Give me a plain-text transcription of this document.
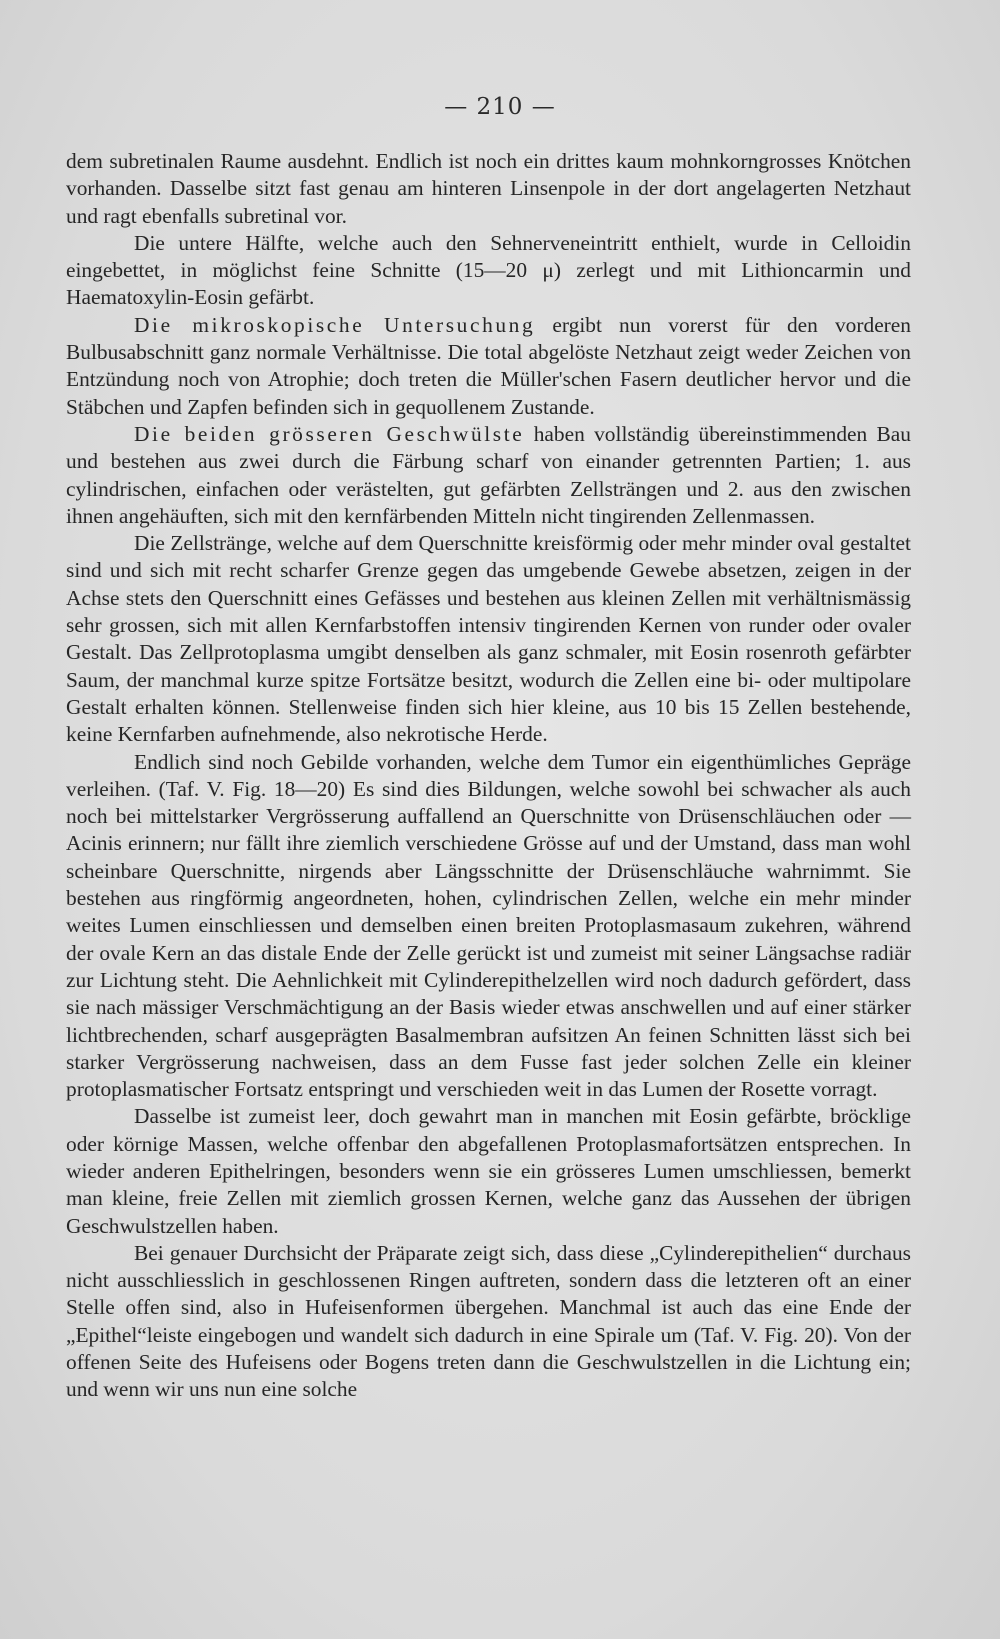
— 210 —

dem subretinalen Raume ausdehnt. Endlich ist noch ein drittes kaum mohnkorngrosses Knötchen vorhanden. Dasselbe sitzt fast genau am hinteren Linsenpole in der dort angelagerten Netzhaut und ragt ebenfalls subretinal vor.

Die untere Hälfte, welche auch den Sehnerveneintritt enthielt, wurde in Celloidin eingebettet, in möglichst feine Schnitte (15—20 μ) zerlegt und mit Lithioncarmin und Haematoxylin-Eosin gefärbt.

Die mikroskopische Untersuchung ergibt nun vorerst für den vorderen Bulbusabschnitt ganz normale Verhältnisse. Die total abgelöste Netzhaut zeigt weder Zeichen von Entzündung noch von Atrophie; doch treten die Müller'schen Fasern deutlicher hervor und die Stäbchen und Zapfen befinden sich in gequollenem Zustande.

Die beiden grösseren Geschwülste haben vollständig übereinstimmenden Bau und bestehen aus zwei durch die Färbung scharf von einander getrennten Partien; 1. aus cylindrischen, einfachen oder verästelten, gut gefärbten Zellsträngen und 2. aus den zwischen ihnen angehäuften, sich mit den kernfärbenden Mitteln nicht tingirenden Zellenmassen.

Die Zellstränge, welche auf dem Querschnitte kreisförmig oder mehr minder oval gestaltet sind und sich mit recht scharfer Grenze gegen das umgebende Gewebe absetzen, zeigen in der Achse stets den Querschnitt eines Gefässes und bestehen aus kleinen Zellen mit verhältnismässig sehr grossen, sich mit allen Kernfarbstoffen intensiv tingirenden Kernen von runder oder ovaler Gestalt. Das Zellprotoplasma umgibt denselben als ganz schmaler, mit Eosin rosenroth gefärbter Saum, der manchmal kurze spitze Fortsätze besitzt, wodurch die Zellen eine bi- oder multipolare Gestalt erhalten können. Stellenweise finden sich hier kleine, aus 10 bis 15 Zellen bestehende, keine Kernfarben aufnehmende, also nekrotische Herde.

Endlich sind noch Gebilde vorhanden, welche dem Tumor ein eigenthümliches Gepräge verleihen. (Taf. V. Fig. 18—20) Es sind dies Bildungen, welche sowohl bei schwacher als auch noch bei mittelstarker Vergrösserung auffallend an Querschnitte von Drüsenschläuchen oder — Acinis erinnern; nur fällt ihre ziemlich verschiedene Grösse auf und der Umstand, dass man wohl scheinbare Querschnitte, nirgends aber Längsschnitte der Drüsenschläuche wahrnimmt. Sie bestehen aus ringförmig angeordneten, hohen, cylindrischen Zellen, welche ein mehr minder weites Lumen einschliessen und demselben einen breiten Protoplasmasaum zukehren, während der ovale Kern an das distale Ende der Zelle gerückt ist und zumeist mit seiner Längsachse radiär zur Lichtung steht. Die Aehnlichkeit mit Cylinderepithelzellen wird noch dadurch gefördert, dass sie nach mässiger Verschmächtigung an der Basis wieder etwas anschwellen und auf einer stärker lichtbrechenden, scharf ausgeprägten Basalmembran aufsitzen An feinen Schnitten lässt sich bei starker Vergrösserung nachweisen, dass an dem Fusse fast jeder solchen Zelle ein kleiner protoplasmatischer Fortsatz entspringt und verschieden weit in das Lumen der Rosette vorragt.

Dasselbe ist zumeist leer, doch gewahrt man in manchen mit Eosin gefärbte, bröcklige oder körnige Massen, welche offenbar den abgefallenen Protoplasmafortsätzen entsprechen. In wieder anderen Epithelringen, besonders wenn sie ein grösseres Lumen umschliessen, bemerkt man kleine, freie Zellen mit ziemlich grossen Kernen, welche ganz das Aussehen der übrigen Geschwulstzellen haben.

Bei genauer Durchsicht der Präparate zeigt sich, dass diese „Cylinderepithelien“ durchaus nicht ausschliesslich in geschlossenen Ringen auftreten, sondern dass die letzteren oft an einer Stelle offen sind, also in Hufeisenformen übergehen. Manchmal ist auch das eine Ende der „Epithel“leiste eingebogen und wandelt sich dadurch in eine Spirale um (Taf. V. Fig. 20). Von der offenen Seite des Hufeisens oder Bogens treten dann die Geschwulstzellen in die Lichtung ein; und wenn wir uns nun eine solche
